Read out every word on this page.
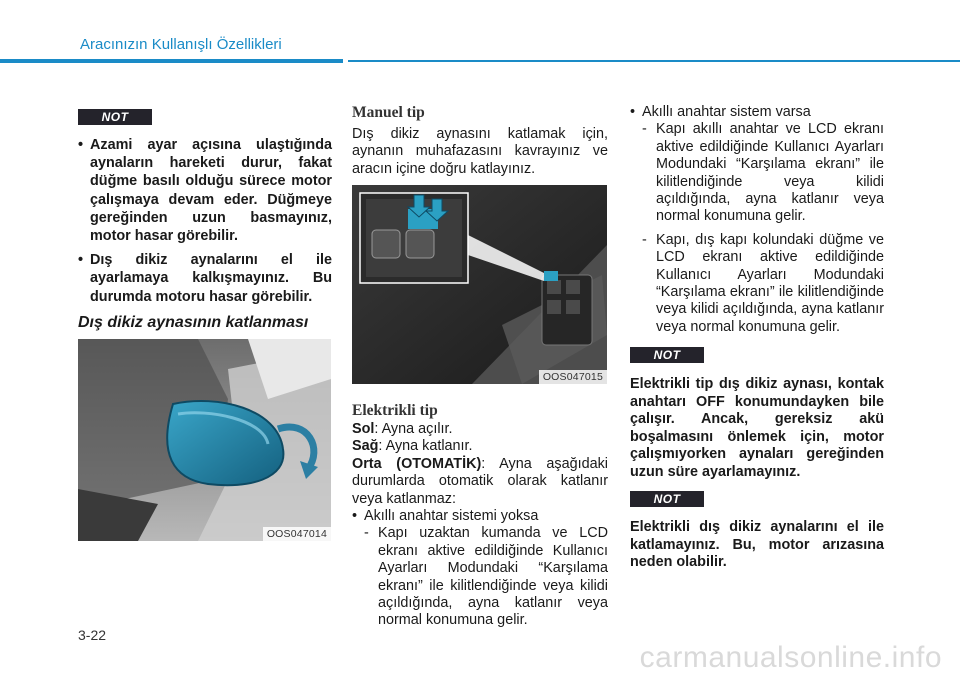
Aracınızın Kullanışlı Özellikleri
NOT
• Azami ayar açısına ulaştığında aynaların hareketi durur, fakat düğme basılı olduğu sürece motor çalışmaya devam eder. Düğmeye gereğinden uzun basmayınız, motor hasar görebilir.
• Dış dikiz aynalarını el ile ayarlamaya kalkışmayınız. Bu durumda motoru hasar görebilir.
Dış dikiz aynasının katlanması
OOS047014
Manuel tip
Dış dikiz aynasını katlamak için, aynanın muhafazasını kavrayınız ve aracın içine doğru katlayınız.
OOS047015
Elektrikli tip
Sol: Ayna açılır.
Sağ: Ayna katlanır.
Orta (OTOMATİK): Ayna aşağıdaki durumlarda otomatik olarak katlanır veya katlanmaz:
• Akıllı anahtar sistemi yoksa
- Kapı uzaktan kumanda ve LCD ekranı aktive edildiğinde Kullanıcı Ayarları Modundaki “Karşılama ekranı” ile kilitlendiğinde veya kilidi açıldığında, ayna katlanır veya normal konumuna gelir.
• Akıllı anahtar sistem varsa
- Kapı akıllı anahtar ve LCD ekranı aktive edildiğinde Kullanıcı Ayarları Modundaki “Karşılama ekranı” ile kilitlendiğinde veya kilidi açıldığında, ayna katlanır veya normal konumuna gelir.
- Kapı, dış kapı kolundaki düğme ve LCD ekranı aktive edildiğinde Kullanıcı Ayarları Modundaki “Karşılama ekranı” ile kilitlendiğinde veya kilidi açıldığında, ayna katlanır veya normal konumuna gelir.
NOT
Elektrikli tip dış dikiz aynası, kontak anahtarı OFF konumundayken bile çalışır. Ancak, gereksiz akü boşalmasını önlemek için, motor çalışmıyorken aynaları gereğinden uzun süre ayarlamayınız.
NOT
Elektrikli dış dikiz aynalarını el ile katlamayınız. Bu, motor arızasına neden olabilir.
3-22
carmanualsonline.info
